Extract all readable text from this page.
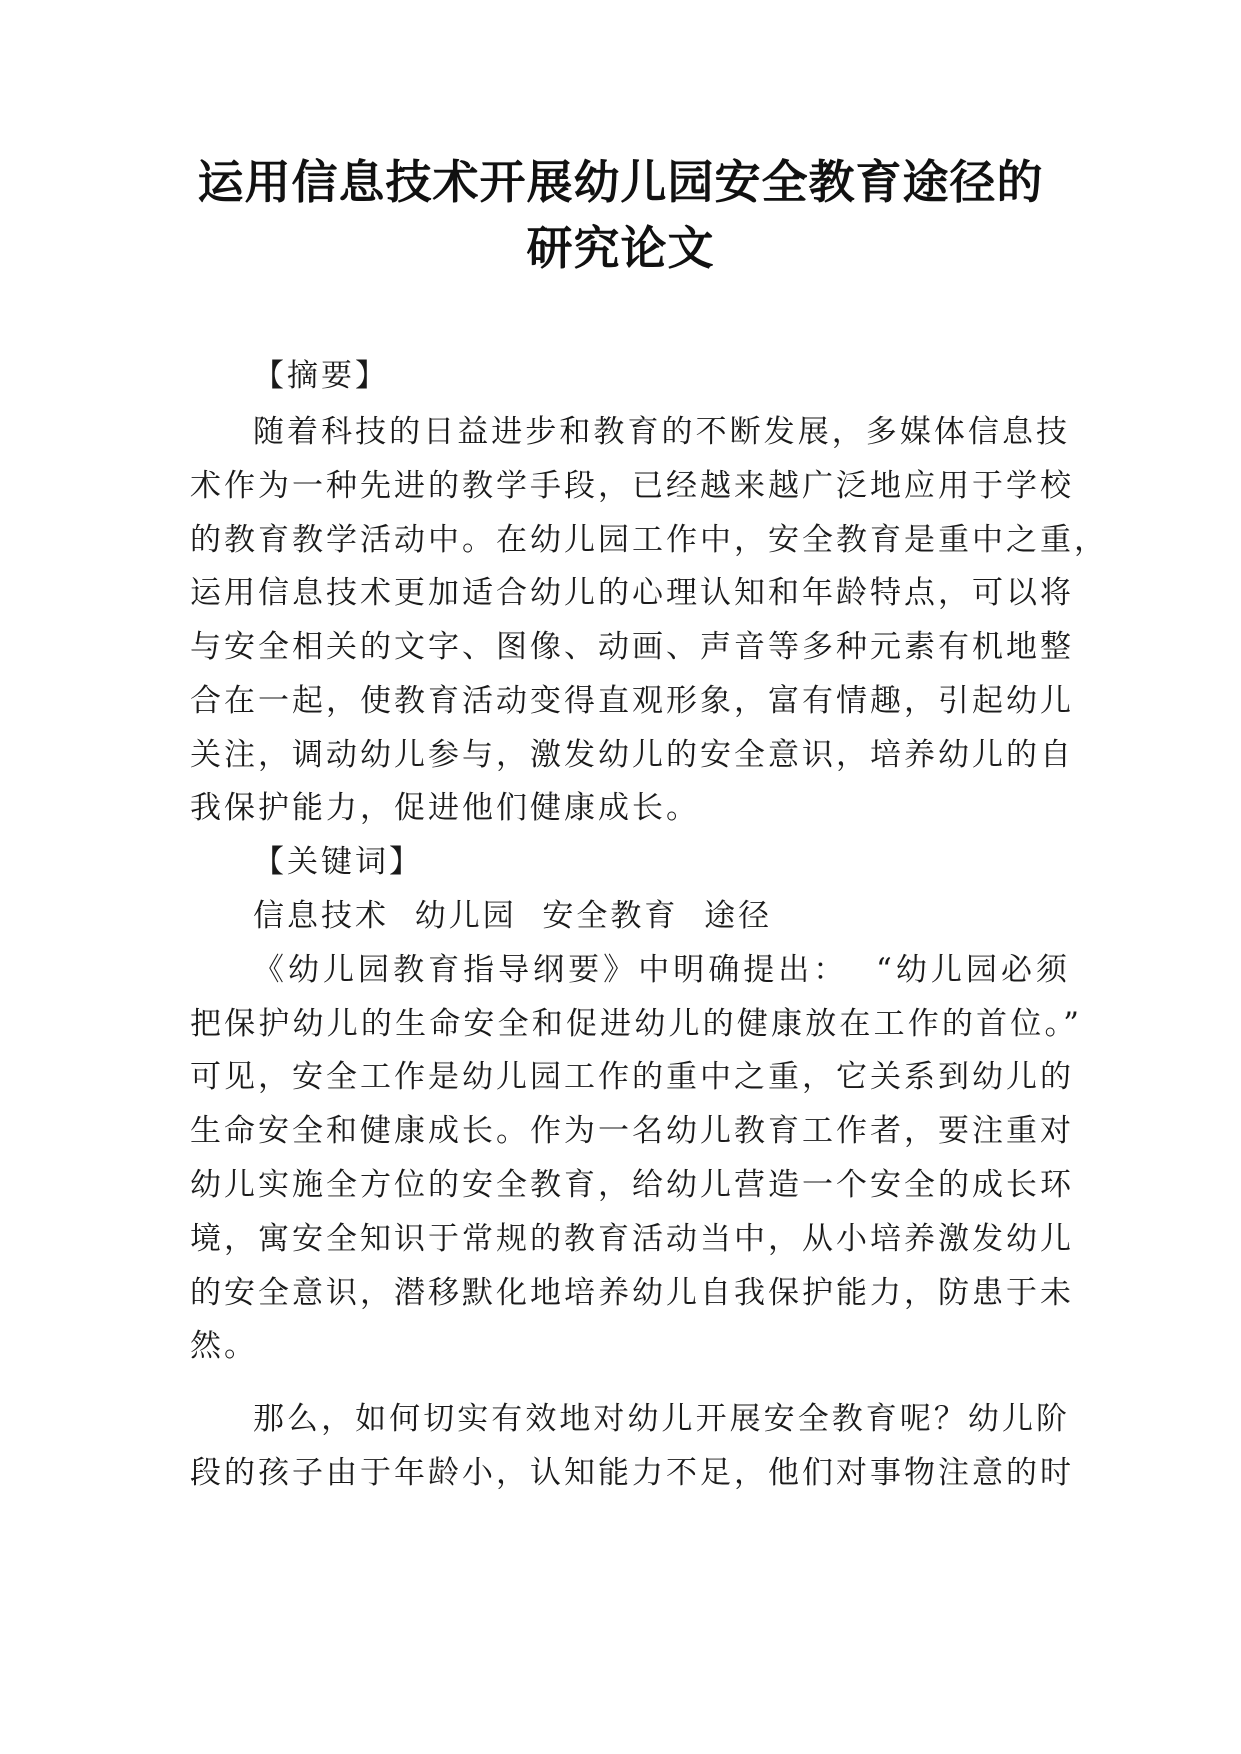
运用信息技术开展幼儿园安全教育途径的
研究论文
【摘要】
随着科技的日益进步和教育的不断发展，多媒体信息技
术作为一种先进的教学手段，已经越来越广泛地应用于学校
的教育教学活动中。在幼儿园工作中，安全教育是重中之重，
运用信息技术更加适合幼儿的心理认知和年龄特点，可以将
与安全相关的文字、图像、动画、声音等多种元素有机地整
合在一起，使教育活动变得直观形象，富有情趣，引起幼儿
关注，调动幼儿参与，激发幼儿的安全意识，培养幼儿的自
我保护能力，促进他们健康成长。
【关键词】
信息技术  幼儿园  安全教育  途径
《幼儿园教育指导纲要》中明确提出：  “幼儿园必须
把保护幼儿的生命安全和促进幼儿的健康放在工作的首位。”
可见，安全工作是幼儿园工作的重中之重，它关系到幼儿的
生命安全和健康成长。作为一名幼儿教育工作者，要注重对
幼儿实施全方位的安全教育，给幼儿营造一个安全的成长环
境，寓安全知识于常规的教育活动当中，从小培养激发幼儿
的安全意识，潜移默化地培养幼儿自我保护能力，防患于未
然。
那么，如何切实有效地对幼儿开展安全教育呢？幼儿阶
段的孩子由于年龄小，认知能力不足，他们对事物注意的时
